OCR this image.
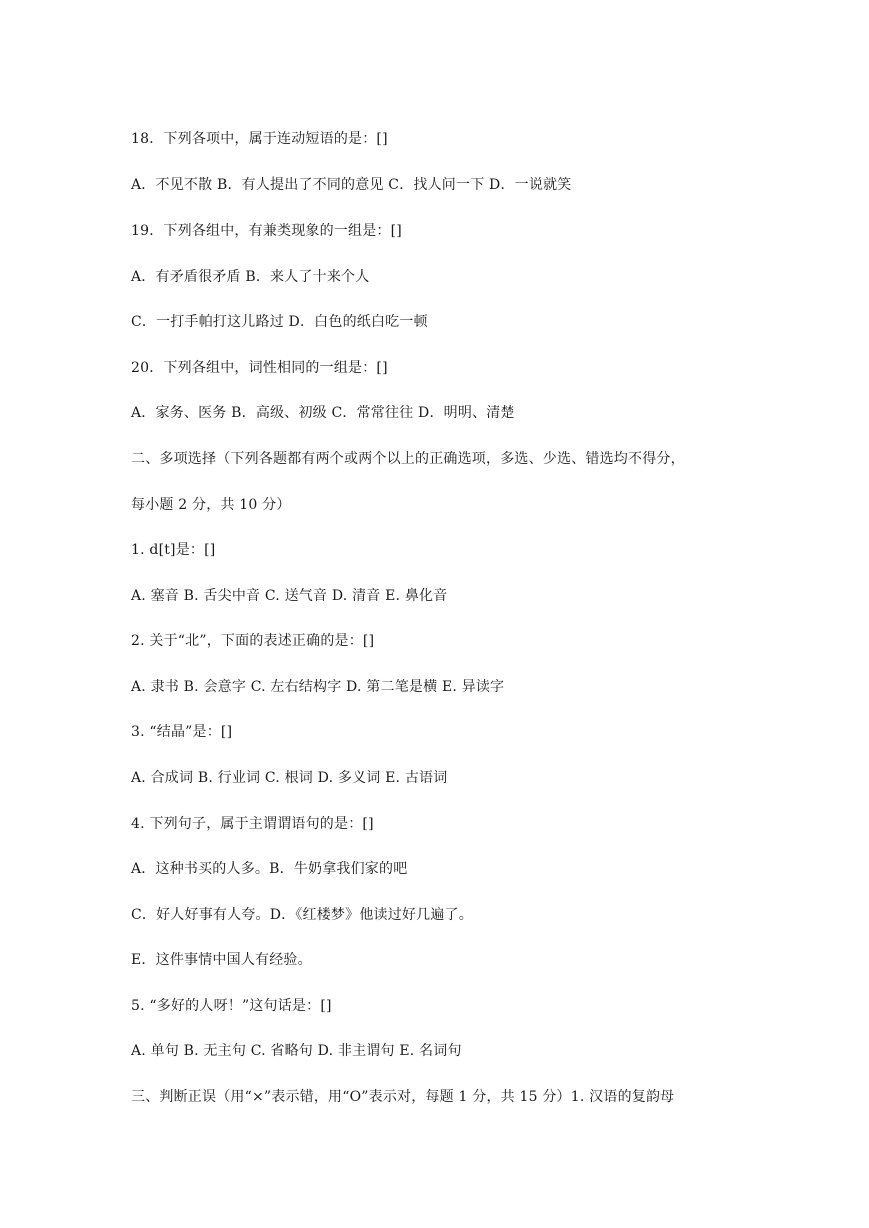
18．下列各项中，属于连动短语的是：[]
A．不见不散 B．有人提出了不同的意见 C．找人问一下 D．一说就笑
19．下列各组中，有兼类现象的一组是：[]
A．有矛盾很矛盾 B．来人了十来个人
C．一打手帕打这儿路过 D．白色的纸白吃一顿
20．下列各组中，词性相同的一组是：[]
A．家务、医务 B．高级、初级 C．常常往往 D．明明、清楚
二、多项选择（下列各题都有两个或两个以上的正确选项，多选、少选、错选均不得分，
每小题 2 分，共 10 分）
1. d[t]是：[]
A. 塞音 B. 舌尖中音 C. 送气音 D. 清音 E. 鼻化音
2. 关于“北”，下面的表述正确的是：[]
A. 隶书 B. 会意字 C. 左右结构字 D. 第二笔是横 E. 异读字
3. “结晶”是：[]
A. 合成词 B. 行业词 C. 根词 D. 多义词 E. 古语词
4. 下列句子，属于主谓谓语句的是：[]
A．这种书买的人多。B．牛奶拿我们家的吧
C．好人好事有人夸。D．《红楼梦》他读过好几遍了。
E．这件事情中国人有经验。
5. “多好的人呀！”这句话是：[]
A. 单句 B. 无主句 C. 省略句 D. 非主谓句 E. 名词句
三、判断正误（用“×”表示错，用“O”表示对，每题 1 分，共 15 分）1. 汉语的复韵母
